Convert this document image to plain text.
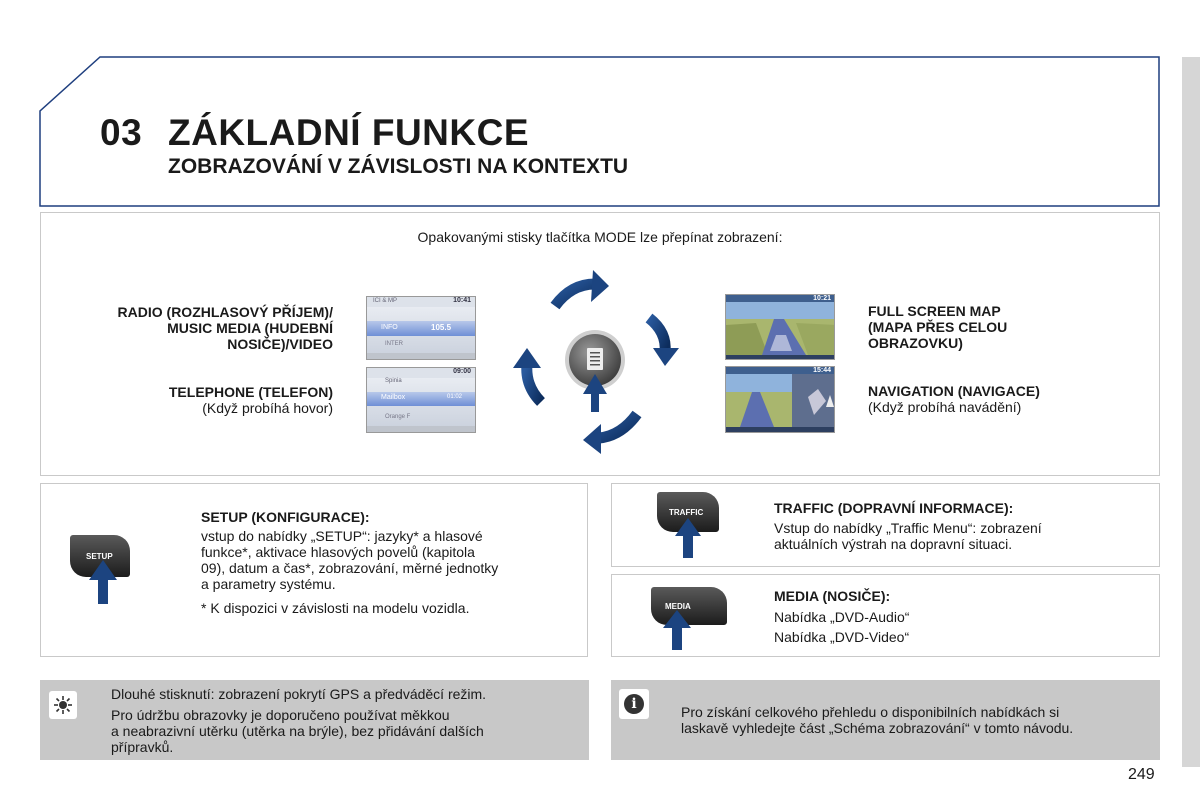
03 ZÁKLADNÍ FUNKCE
ZOBRAZOVÁNÍ V ZÁVISLOSTI NA KONTEXTU
Opakovanými stisky tlačítka MODE lze přepínat zobrazení:
RADIO (ROZHLASOVÝ PŘÍJEM)/
MUSIC MEDIA (HUDEBNÍ
NOSIČE)/VIDEO
TELEPHONE (TELEFON)
(Když probíhá hovor)
ICI & MP	10:41
INFO	105.5
INTER
Spinia
09:00
Mailbox	01:02
Orange F
10:21
15:44
FULL SCREEN MAP
(MAPA PŘES CELOU
OBRAZOVKU)
NAVIGATION (NAVIGACE)
(Když probíhá navádění)
SETUP
SETUP (KONFIGURACE):
vstup do nabídky „SETUP“: jazyky* a hlasové
funkce*, aktivace hlasových povelů (kapitola
09), datum a čas*, zobrazování, měrné jednotky
a parametry systému.
* K dispozici v závislosti na modelu vozidla.
TRAFFIC	TRAFFIC (DOPRAVNÍ INFORMACE):
Vstup do nabídky „Traffic Menu“: zobrazení
aktuálních výstrah na dopravní situaci.
MEDIA
MEDIA (NOSIČE):
Nabídka „DVD-Audio“
Nabídka „DVD-Video“
Dlouhé stisknutí: zobrazení pokrytí GPS a předváděcí režim.
Pro údržbu obrazovky je doporučeno používat měkkou
a neabrazivní utěrku (utěrka na brýle), bez přidávání dalších
přípravků.
i	Pro získání celkového přehledu o disponibilních nabídkách si
laskavě vyhledejte část „Schéma zobrazování“ v tomto návodu.
249
